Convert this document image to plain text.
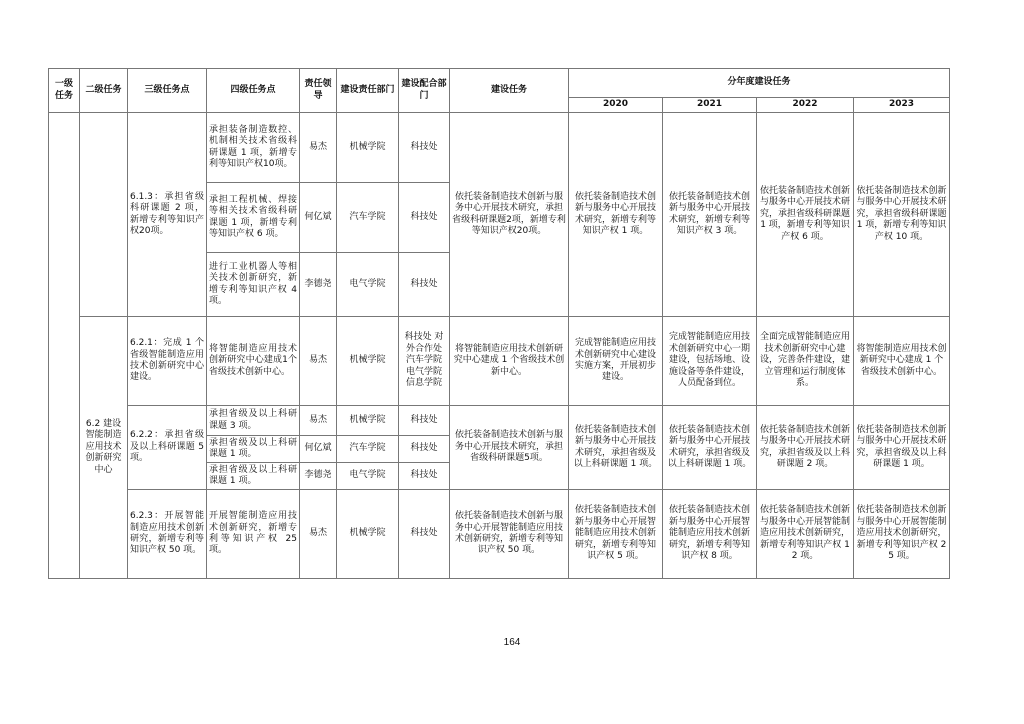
一级任务	二级任务	三级任务点	四级任务点	责任领导	建设责任部门	建设配合部门	建设任务	分年度建设任务			
								2020	2021	2022	2023
		6.1.3：承担省级科研课题 2 项，新增专利等知识产权20项。	承担装备制造数控、机制相关技术省级科研课题 1 项，新增专利等知识产权10项。	易杰	机械学院	科技处	依托装备制造技术创新与服务中心开展技术研究，承担省级科研课题2项，新增专利等知识产权20项。	依托装备制造技术创新与服务中心开展技术研究，新增专利等知识产权 1 项。	依托装备制造技术创新与服务中心开展技术研究，新增专利等知识产权 3 项。	依托装备制造技术创新与服务中心开展技术研究，承担省级科研课题 1 项，新增专利等知识产权 6 项。	依托装备制造技术创新与服务中心开展技术研究，承担省级科研课题 1 项，新增专利等知识产权 10 项。
			承担工程机械、焊接等相关技术省级科研课题 1 项，新增专利等知识产权 6 项。	何亿斌	汽车学院	科技处					
			进行工业机器人等相关技术创新研究，新增专利等知识产权 4 项。	李德尧	电气学院	科技处					
	6.2 建设智能制造应用技术创新研究中心	6.2.1：完成 1 个省级智能制造应用技术创新研究中心建设。	将智能制造应用技术创新研究中心建成1个省级技术创新中心。	易杰	机械学院	科技处 对外合作处 汽车学院 电气学院 信息学院	将智能制造应用技术创新研究中心建成 1 个省级技术创新中心。	完成智能制造应用技术创新研究中心建设实施方案，开展初步建设。	完成智能制造应用技术创新研究中心一期建设，包括场地、设施设备等条件建设，人员配备到位。	全面完成智能制造应用技术创新研究中心建设，完善条件建设，建立管理和运行制度体系。	将智能制造应用技术创新研究中心建成 1 个省级技术创新中心。
		6.2.2：承担省级及以上科研课题 5 项。	承担省级及以上科研课题 3 项。	易杰	机械学院	科技处	依托装备制造技术创新与服务中心开展技术研究，承担省级科研课题5项。	依托装备制造技术创新与服务中心开展技术研究，承担省级及以上科研课题 1 项。	依托装备制造技术创新与服务中心开展技术研究，承担省级及以上科研课题 1 项。	依托装备制造技术创新与服务中心开展技术研究，承担省级及以上科研课题 2 项。	依托装备制造技术创新与服务中心开展技术研究，承担省级及以上科研课题 1 项。
			承担省级及以上科研课题 1 项。	何亿斌	汽车学院	科技处					
			承担省级及以上科研课题 1 项。	李德尧	电气学院	科技处					
		6.2.3：开展智能制造应用技术创新研究，新增专利等知识产权 50 项。	开展智能制造应用技术创新研究，新增专利等知识产权 25 项。	易杰	机械学院	科技处	依托装备制造技术创新与服务中心开展智能制造应用技术创新研究，新增专利等知识产权 50 项。	依托装备制造技术创新与服务中心开展智能制造应用技术创新研究，新增专利等知识产权 5 项。	依托装备制造技术创新与服务中心开展智能制造应用技术创新研究，新增专利等知识产权 8 项。	依托装备制造技术创新与服务中心开展智能制造应用技术创新研究，新增专利等知识产权 12 项。	依托装备制造技术创新与服务中心开展智能制造应用技术创新研究，新增专利等知识产权 25 项。
164
